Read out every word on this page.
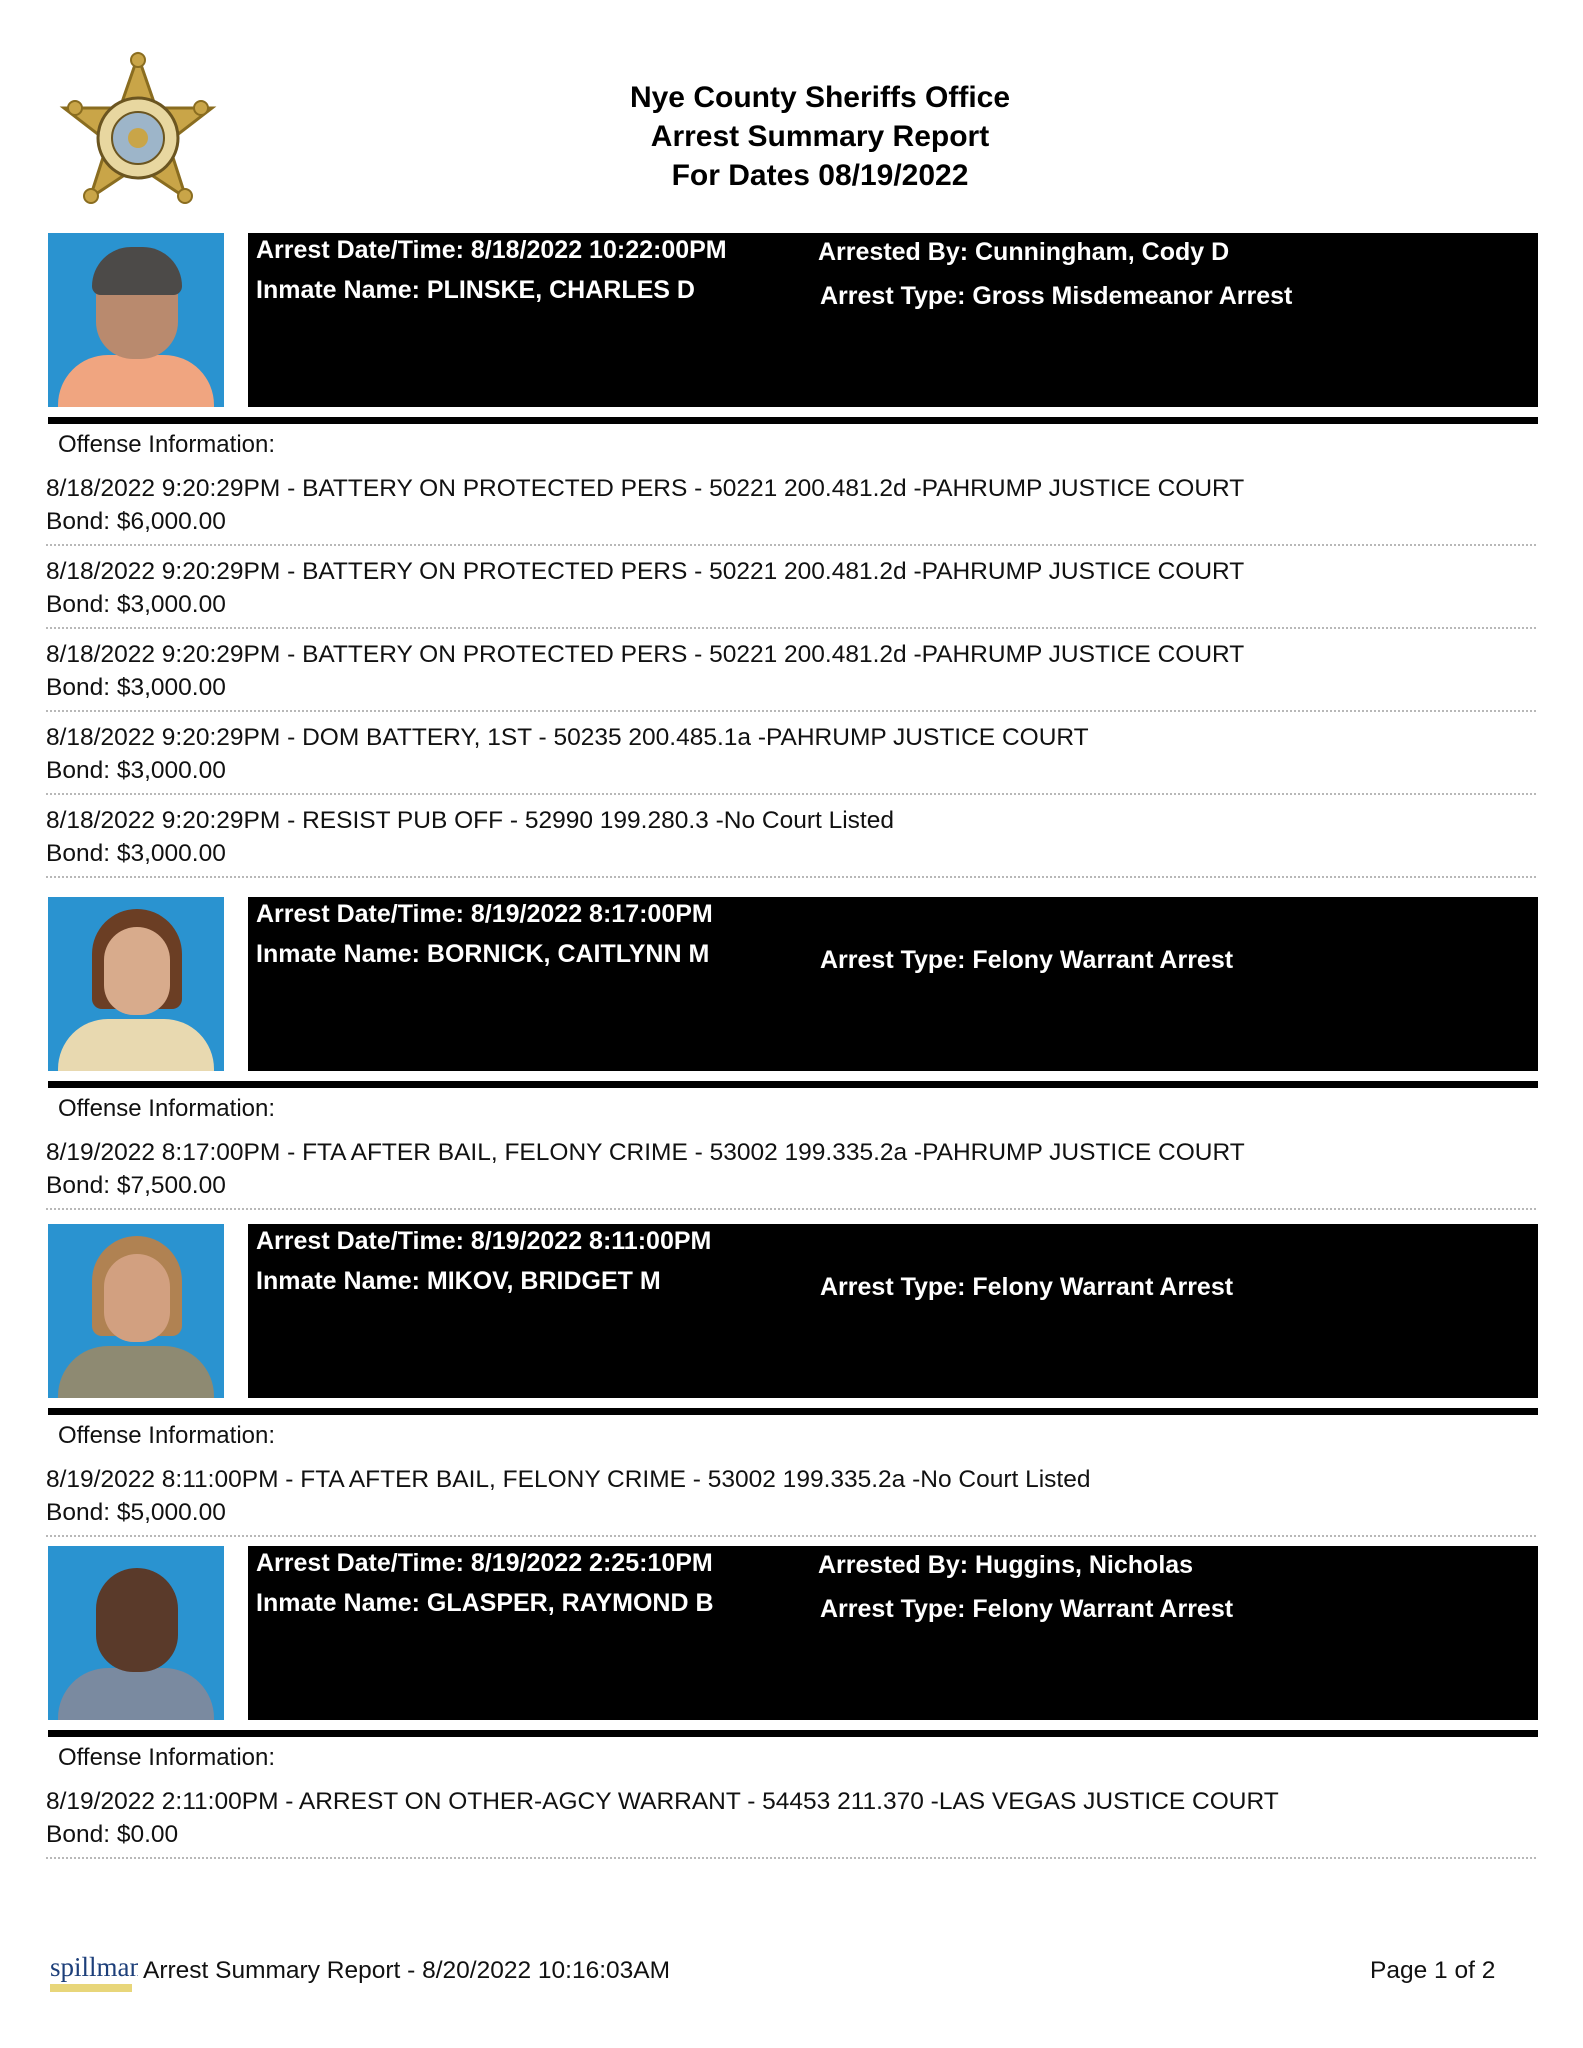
Nye County Sheriffs Office
Arrest Summary Report
For Dates 08/19/2022
Arrest Date/Time: 8/18/2022 10:22:00PM
Inmate Name: PLINSKE, CHARLES D
Arrested By: Cunningham, Cody D
Arrest Type: Gross Misdemeanor Arrest
Offense Information:
8/18/2022 9:20:29PM - BATTERY ON PROTECTED PERS - 50221 200.481.2d -PAHRUMP JUSTICE COURT
Bond: $6,000.00
8/18/2022 9:20:29PM - BATTERY ON PROTECTED PERS - 50221 200.481.2d -PAHRUMP JUSTICE COURT
Bond: $3,000.00
8/18/2022 9:20:29PM - BATTERY ON PROTECTED PERS - 50221 200.481.2d -PAHRUMP JUSTICE COURT
Bond: $3,000.00
8/18/2022 9:20:29PM - DOM BATTERY, 1ST - 50235 200.485.1a -PAHRUMP JUSTICE COURT
Bond: $3,000.00
8/18/2022 9:20:29PM - RESIST PUB OFF - 52990 199.280.3 -No Court Listed
Bond: $3,000.00
Arrest Date/Time: 8/19/2022 8:17:00PM
Inmate Name: BORNICK, CAITLYNN M	Arrest Type: Felony Warrant Arrest
Offense Information:
8/19/2022 8:17:00PM - FTA AFTER BAIL, FELONY CRIME - 53002 199.335.2a -PAHRUMP JUSTICE COURT
Bond: $7,500.00
Arrest Date/Time: 8/19/2022 8:11:00PM
Inmate Name: MIKOV, BRIDGET M	Arrest Type: Felony Warrant Arrest
Offense Information:
8/19/2022 8:11:00PM - FTA AFTER BAIL, FELONY CRIME - 53002 199.335.2a -No Court Listed
Bond: $5,000.00
Arrest Date/Time: 8/19/2022 2:25:10PM
Inmate Name: GLASPER, RAYMOND B
Arrested By: Huggins, Nicholas
Arrest Type: Felony Warrant Arrest
Offense Information:
8/19/2022 2:11:00PM - ARREST ON OTHER-AGCY WARRANT - 54453 211.370 -LAS VEGAS JUSTICE COURT
Bond: $0.00
spillman Arrest Summary Report - 8/20/2022 10:16:03AM	Page 1 of 2
